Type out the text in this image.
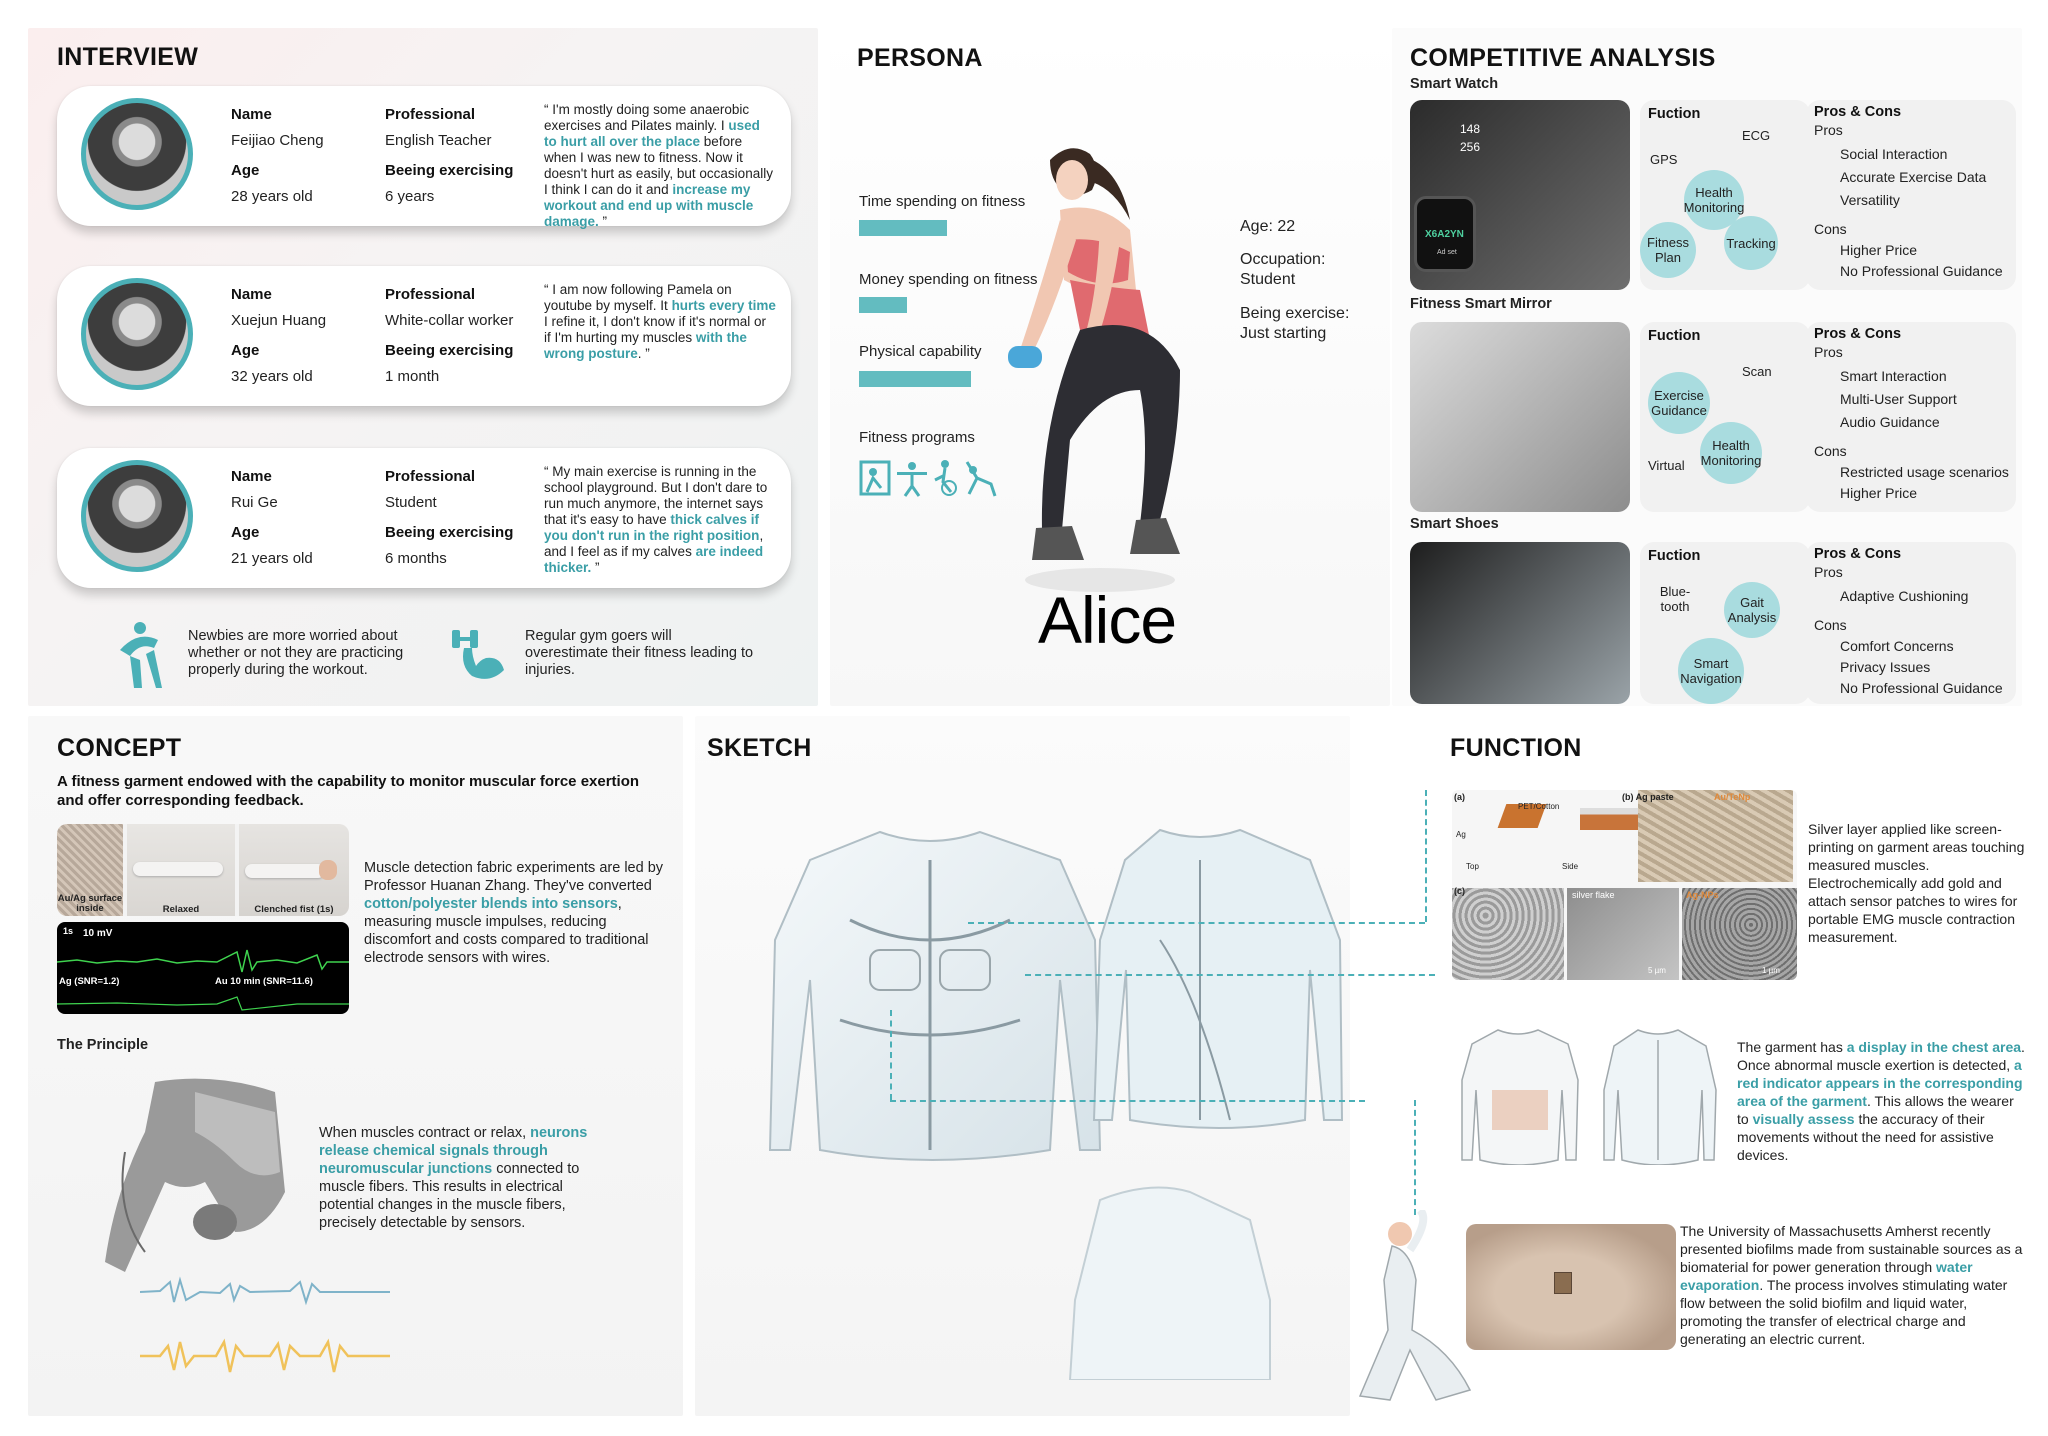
INTERVIEW
Name
Feijiao Cheng
Professional
English Teacher
Age
28 years old
Beeing exercising
6 years
“ I'm mostly doing some anaerobic exercises and Pilates mainly. I used to hurt all over the place before when I was new to fitness. Now it doesn't hurt as easily, but occasionally I think I can do it and increase my workout and end up with muscle damage. ”
Name
Xuejun Huang
Professional
White-collar worker
Age
32 years old
Beeing exercising
1 month
“ I am now following Pamela on youtube by myself. It hurts every time I refine it, I don't know if it's normal or if I'm hurting my muscles with the wrong posture. ”
Name
Rui Ge
Professional
Student
Age
21 years old
Beeing exercising
6 months
“ My main exercise is running in the school playground. But I don't dare to run much anymore, the internet says that it's easy to have thick calves if you don't run in the right position, and I feel as if my calves are indeed thicker. ”
Newbies are more worried about whether or not they are practicing properly during the workout.
Regular gym goers will overestimate their fitness leading to injuries.
PERSONA
Time spending on fitness
Money spending on fitness
Physical capability
Fitness programs
Age: 22
Occupation:
Student
Being exercise:
Just starting
Alice
COMPETITIVE ANALYSIS
Smart Watch
X6A2YN
Ad set
148
256
Fuction
Health Monitoring
Fitness Plan
Tracking
ECG
GPS
Pros & Cons
Pros
Social Interaction
Accurate Exercise Data
Versatility
Cons
Higher Price
No Professional Guidance
Fitness Smart Mirror
Fuction
Exercise Guidance
Health Monitoring
Scan
Virtual
Pros & Cons
Pros
Smart Interaction
Multi-User Support
Audio Guidance
Cons
Restricted usage scenarios
Higher Price
Smart Shoes
Fuction
Gait Analysis
Smart Navigation
Blue-tooth
Pros & Cons
Pros
Adaptive Cushioning
Cons
Comfort Concerns
Privacy Issues
No Professional Guidance
CONCEPT
A fitness garment endowed with the capability to monitor muscular force exertion and offer corresponding feedback.
Au/Ag surface inside	Relaxed	Clenched fist (1s)
1s 10 mV
Ag (SNR=1.2)	Au 10 min (SNR=11.6)
Muscle detection fabric experiments are led by Professor Huanan Zhang. They've converted cotton/polyester blends into sensors, measuring muscle impulses, reducing discomfort and costs compared to traditional electrode sensors with wires.
The Principle
When muscles contract or relax, neurons release chemical signals through neuromuscular junctions connected to muscle fibers. This results in electrical potential changes in the muscle fibers, precisely detectable by sensors.
SKETCH	FUNCTION
(a)
PET/Cotton
Ag
Top	Side
(b) Ag paste	Au/TeNp
(c)	silver flake	Ag-NPs
5 µm	1 µm
Silver layer applied like screen-printing on garment areas touching measured muscles. Electrochemically add gold and attach sensor patches to wires for portable EMG muscle contraction measurement.
The garment has a display in the chest area. Once abnormal muscle exertion is detected, a red indicator appears in the corresponding area of the garment. This allows the wearer to visually assess the accuracy of their movements without the need for assistive devices.
The University of Massachusetts Amherst recently presented biofilms made from sustainable sources as a biomaterial for power generation through water evaporation. The process involves stimulating water flow between the solid biofilm and liquid water, promoting the transfer of electrical charge and generating an electric current.
